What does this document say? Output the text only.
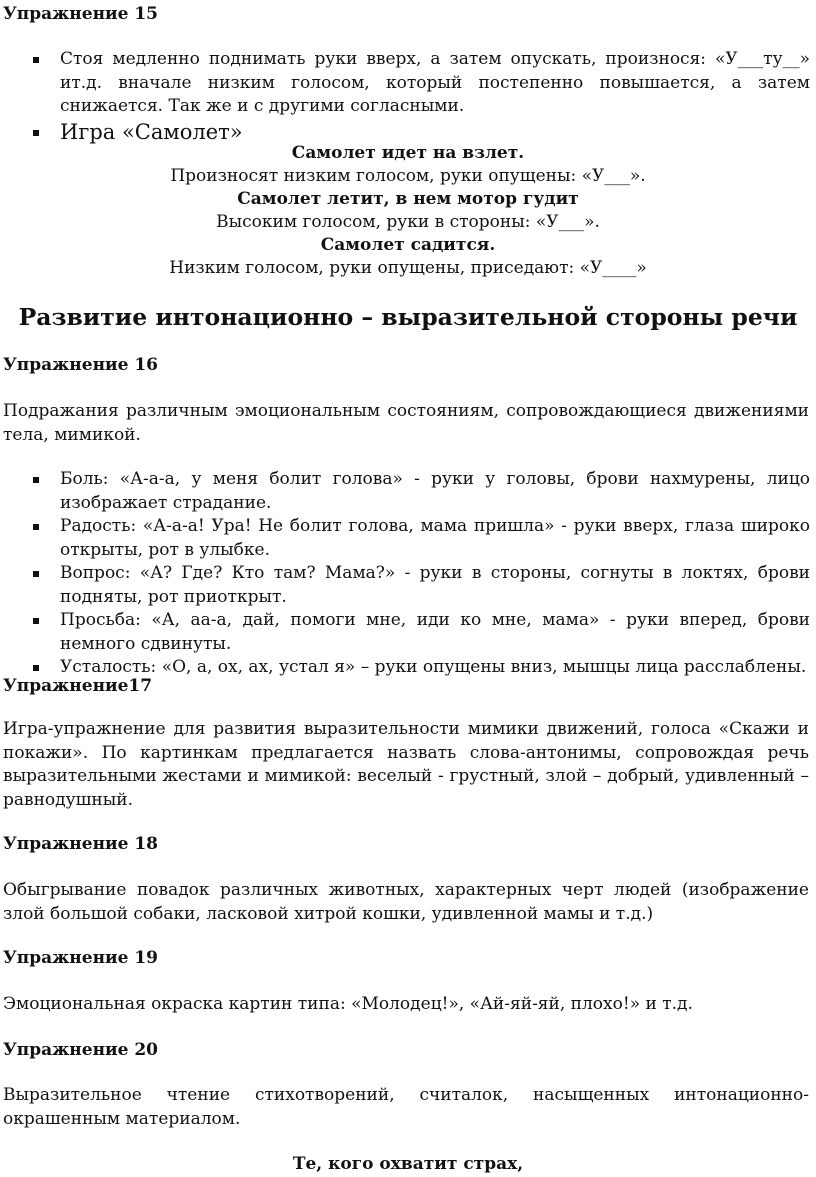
Упражнение 15
Стоя медленно поднимать руки вверх, а затем опускать, произнося: «У___ту__» ит.д. вначале низким голосом, который постепенно повышается, а затем снижается. Так же и с другими согласными.
Игра «Самолет»
Самолет идет на взлет.
Произносят низким голосом, руки опущены: «У___».
Самолет летит, в нем мотор гудит
Высоким голосом, руки в стороны: «У___».
Самолет садится.
Низким голосом, руки опущены, приседают: «У____»
Развитие интонационно – выразительной стороны речи
Упражнение 16
Подражания различным эмоциональным состояниям, сопровождающиеся движениями тела, мимикой.
Боль: «А-а-а, у меня болит голова» - руки у головы, брови нахмурены, лицо изображает страдание.
Радость: «А-а-а! Ура! Не болит голова, мама пришла» - руки вверх, глаза широко открыты, рот в улыбке.
Вопрос: «А? Где? Кто там? Мама?» - руки в стороны, согнуты в локтях, брови подняты, рот приоткрыт.
Просьба: «А, аа-а, дай, помоги мне, иди ко мне, мама» - руки вперед, брови немного сдвинуты.
Усталость: «О, а, ох, ах, устал я» – руки опущены вниз, мышцы лица расслаблены.
Упражнение17
Игра-упражнение для развития выразительности мимики движений, голоса «Скажи и покажи». По картинкам предлагается назвать слова-антонимы, сопровождая речь выразительными жестами и мимикой: веселый - грустный, злой – добрый, удивленный – равнодушный.
Упражнение 18
Обыгрывание повадок различных животных, характерных черт людей (изображение злой большой собаки, ласковой хитрой кошки, удивленной мамы и т.д.)
Упражнение 19
Эмоциональная окраска картин типа: «Молодец!», «Ай-яй-яй, плохо!» и т.д.
Упражнение 20
Выразительное чтение стихотворений, считалок, насыщенных интонационно-окрашенным материалом.
Те, кого охватит страх,
